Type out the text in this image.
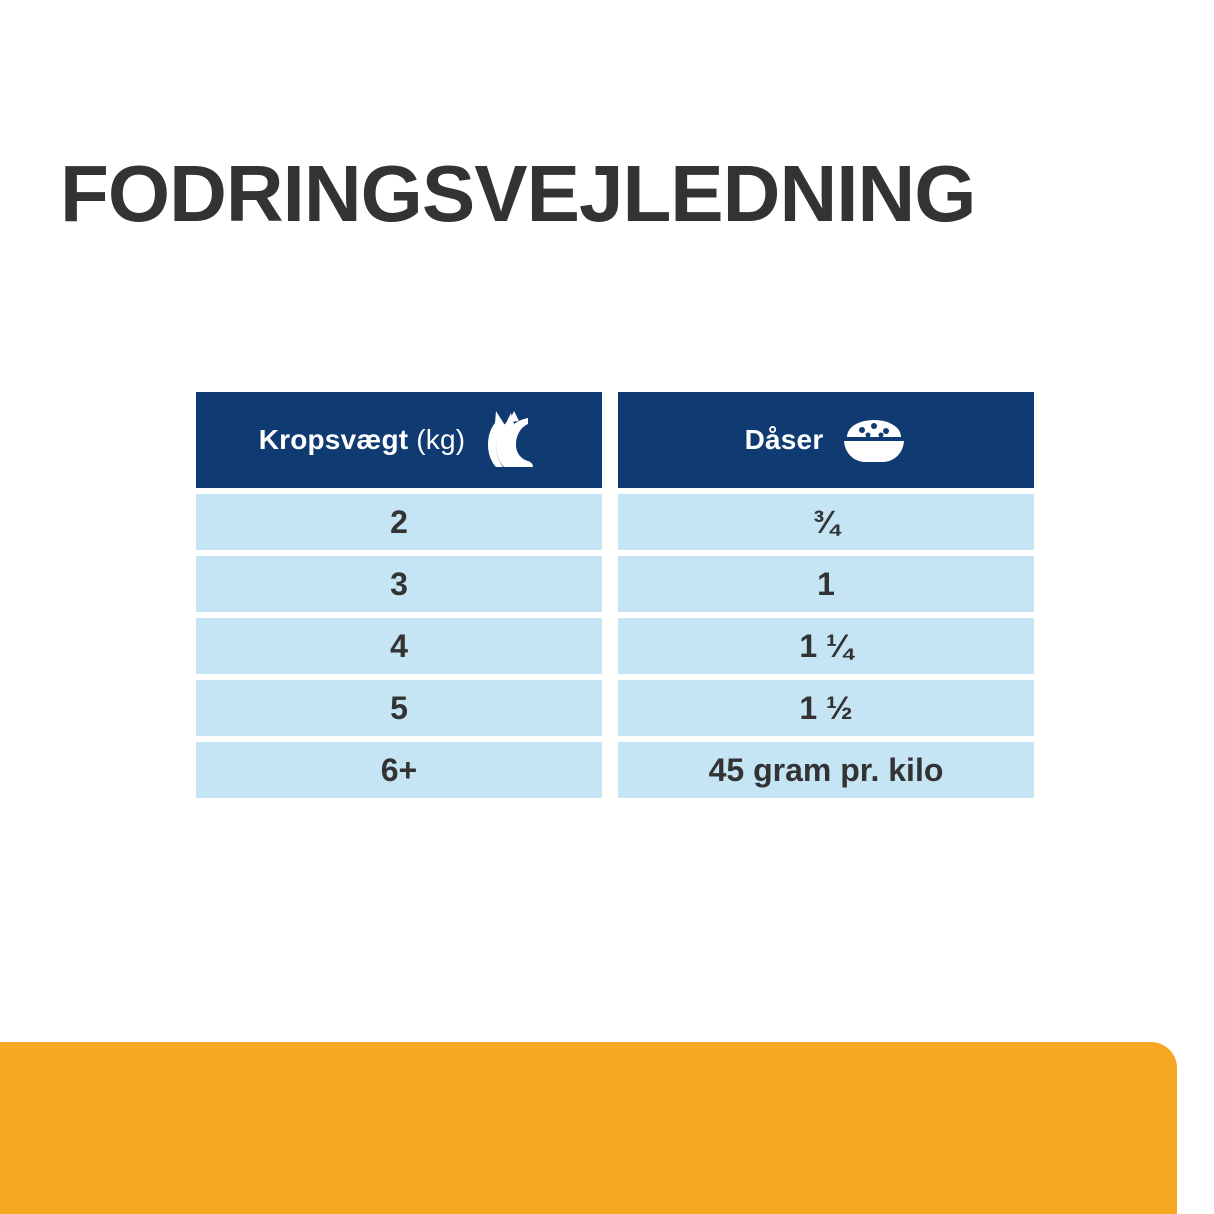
FODRINGSVEJLEDNING
Kropsvægt (kg)	Dåser
2	¾
3	1
4	1 ¼
5	1 ½
6+	45 gram pr. kilo
